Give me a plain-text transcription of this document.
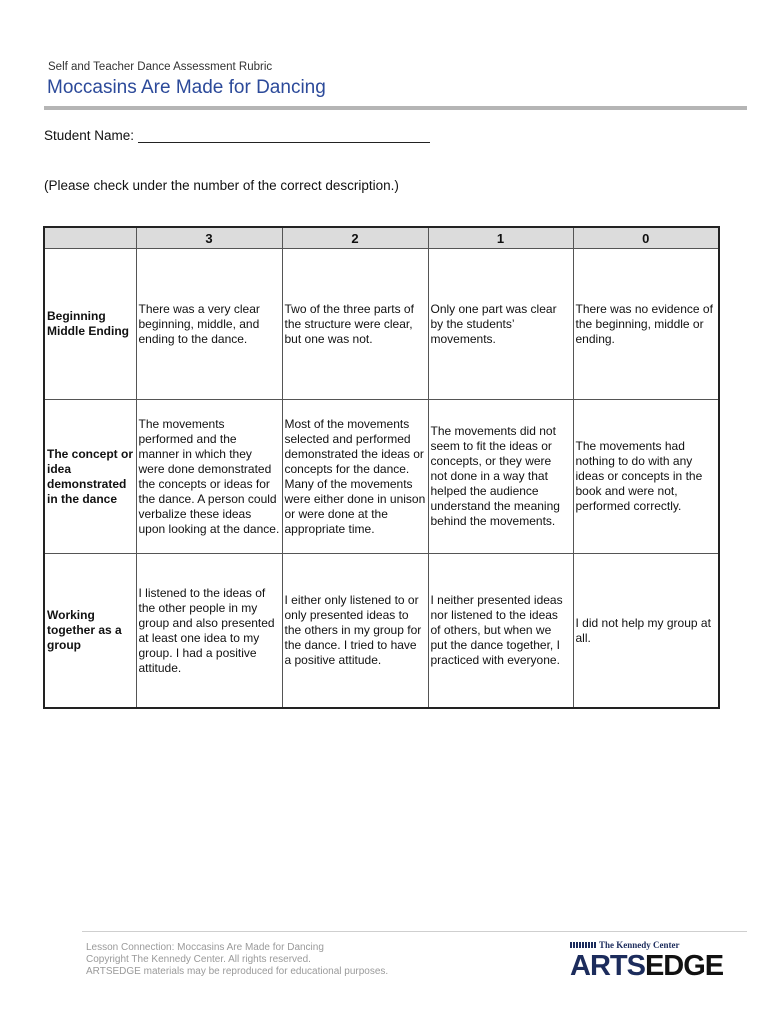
Self and Teacher Dance Assessment Rubric
Moccasins Are Made for Dancing
Student Name:
(Please check under the number of the correct description.)
	3	2	1	0
Beginning Middle Ending	There was a very clear beginning, middle, and ending to the dance.	Two of the three parts of the structure were clear, but one was not.	Only one part was clear by the students’ movements.	There was no evidence of the beginning, middle or ending.
The concept or idea demonstrated in the dance	The movements performed and the manner in which they were done demonstrated the concepts or ideas for the dance. A person could verbalize these ideas upon looking at the dance.	Most of the movements selected and performed demonstrated the ideas or concepts for the dance. Many of the movements were either done in unison or were done at the appropriate time.	The movements did not seem to fit the ideas or concepts, or they were not done in a way that helped the audience understand the meaning behind the movements.	The movements had nothing to do with any ideas or concepts in the book and were not, performed correctly.
Working together as a group	I listened to the ideas of the other people in my group and also presented at least one idea to my group. I had a positive attitude.	I either only listened to or only presented ideas to the others in my group for the dance. I tried to have a positive attitude.	I neither presented ideas nor listened to the ideas of others, but when we put the dance together, I practiced with everyone.	I did not help my group at all.
Lesson Connection: Moccasins Are Made for Dancing
Copyright The Kennedy Center. All rights reserved.
ARTSEDGE materials may be reproduced for educational purposes.
The Kennedy Center
ARTSEDGE
